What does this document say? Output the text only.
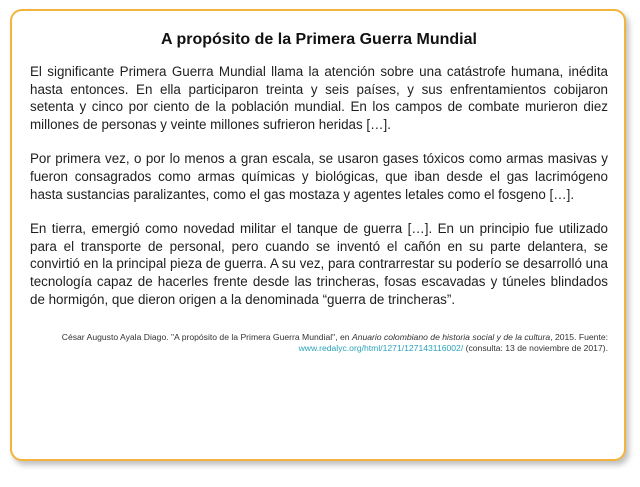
A propósito de la Primera Guerra Mundial

El significante Primera Guerra Mundial llama la atención sobre una catástrofe humana, inédita hasta entonces. En ella participaron treinta y seis países, y sus enfrentamientos cobijaron setenta y cinco por ciento de la población mundial. En los campos de combate murieron diez millones de personas y veinte millones sufrieron heridas […].

Por primera vez, o por lo menos a gran escala, se usaron gases tóxicos como armas masivas y fueron consagrados como armas químicas y biológicas, que iban desde el gas lacrimógeno hasta sustancias paralizantes, como el gas mostaza y agentes letales como el fosgeno […].

En tierra, emergió como novedad militar el tanque de guerra […]. En un principio fue utilizado para el transporte de personal, pero cuando se inventó el cañón en su parte delantera, se convirtió en la principal pieza de guerra. A su vez, para contrarrestar su poderío se desarrolló una tecnología capaz de hacerles frente desde las trincheras, fosas escavadas y túneles blindados de hormigón, que dieron origen a la denominada “guerra de trincheras”.

César Augusto Ayala Diago. "A propósito de la Primera Guerra Mundial", en Anuario colombiano de historia social y de la cultura, 2015. Fuente: www.redalyc.org/html/1271/127143116002/ (consulta: 13 de noviembre de 2017).
